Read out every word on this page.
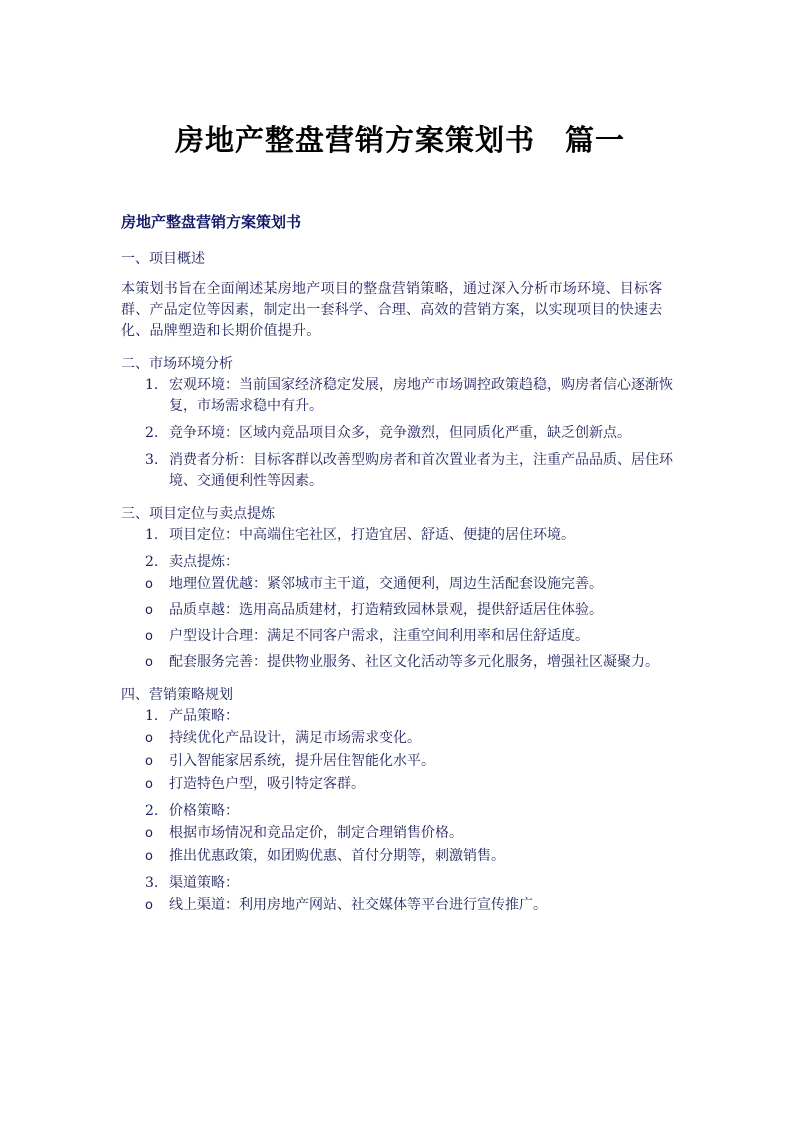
房地产整盘营销方案策划书 篇一

房地产整盘营销方案策划书

一、项目概述

本策划书旨在全面阐述某房地产项目的整盘营销策略，通过深入分析市场环境、目标客群、产品定位等因素，制定出一套科学、合理、高效的营销方案，以实现项目的快速去化、品牌塑造和长期价值提升。

二、市场环境分析

1. 宏观环境：当前国家经济稳定发展，房地产市场调控政策趋稳，购房者信心逐渐恢复，市场需求稳中有升。
2. 竞争环境：区域内竞品项目众多，竞争激烈，但同质化严重，缺乏创新点。
3. 消费者分析：目标客群以改善型购房者和首次置业者为主，注重产品品质、居住环境、交通便利性等因素。

三、项目定位与卖点提炼

1. 项目定位：中高端住宅社区，打造宜居、舒适、便捷的居住环境。
2. 卖点提炼：
o 地理位置优越：紧邻城市主干道，交通便利，周边生活配套设施完善。
o 品质卓越：选用高品质建材，打造精致园林景观，提供舒适居住体验。
o 户型设计合理：满足不同客户需求，注重空间利用率和居住舒适度。
o 配套服务完善：提供物业服务、社区文化活动等多元化服务，增强社区凝聚力。

四、营销策略规划

1. 产品策略：
o 持续优化产品设计，满足市场需求变化。
o 引入智能家居系统，提升居住智能化水平。
o 打造特色户型，吸引特定客群。
2. 价格策略：
o 根据市场情况和竞品定价，制定合理销售价格。
o 推出优惠政策，如团购优惠、首付分期等，刺激销售。
3. 渠道策略：
o 线上渠道：利用房地产网站、社交媒体等平台进行宣传推广。
